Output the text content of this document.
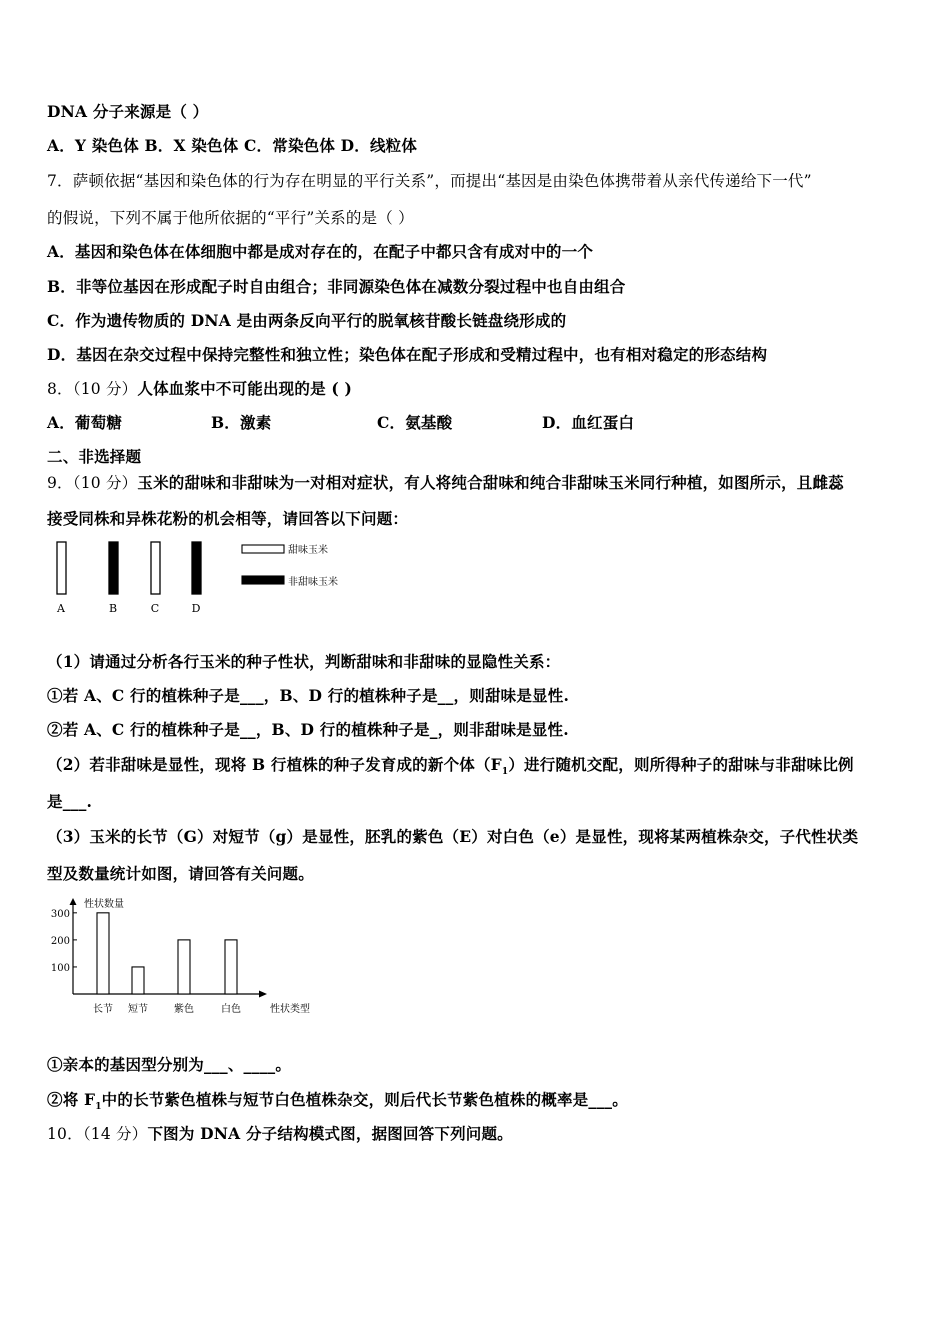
DNA 分子来源是（ ）
A．Y 染色体 B．X 染色体 C．常染色体 D．线粒体
7．萨顿依据“基因和染色体的行为存在明显的平行关系”，而提出“基因是由染色体携带着从亲代传递给下一代”
的假说，下列不属于他所依据的“平行”关系的是（ ）
A．基因和染色体在体细胞中都是成对存在的，在配子中都只含有成对中的一个
B．非等位基因在形成配子时自由组合；非同源染色体在减数分裂过程中也自由组合
C．作为遗传物质的 DNA 是由两条反向平行的脱氧核苷酸长链盘绕形成的
D．基因在杂交过程中保持完整性和独立性；染色体在配子形成和受精过程中，也有相对稳定的形态结构
8．（10 分）人体血浆中不可能出现的是 ( )
A．葡萄糖	B．激素	C．氨基酸	D．血红蛋白
二、非选择题
9．（10 分）玉米的甜味和非甜味为一对相对症状，有人将纯合甜味和纯合非甜味玉米同行种植，如图所示，且雌蕊
接受同株和异株花粉的机会相等，请回答以下问题：
A	B	C	D
甜味玉米
非甜味玉米
（1）请通过分析各行玉米的种子性状，判断甜味和非甜味的显隐性关系：
①若 A、C 行的植株种子是___，B、D 行的植株种子是__，则甜味是显性.
②若 A、C 行的植株种子是__，B、D 行的植株种子是_，则非甜味是显性.
（2）若非甜味是显性，现将 B 行植株的种子发育成的新个体$(F_1)$进行随机交配，则所得种子的甜味与非甜味比例
是___.
（3）玉米的长节（G）对短节（g）是显性，胚乳的紫色（E）对白色（e）是显性，现将某两植株杂交，子代性状类
型及数量统计如图，请回答有关问题。
性状数量
性状类型
100
200
300
长节 短节	紫色	白色
①亲本的基因型分别为___、____。
②将 $F_1$中的长节紫色植株与短节白色植株杂交，则后代长节紫色植株的概率是___。
10．（14 分）下图为 DNA 分子结构模式图，据图回答下列问题。
